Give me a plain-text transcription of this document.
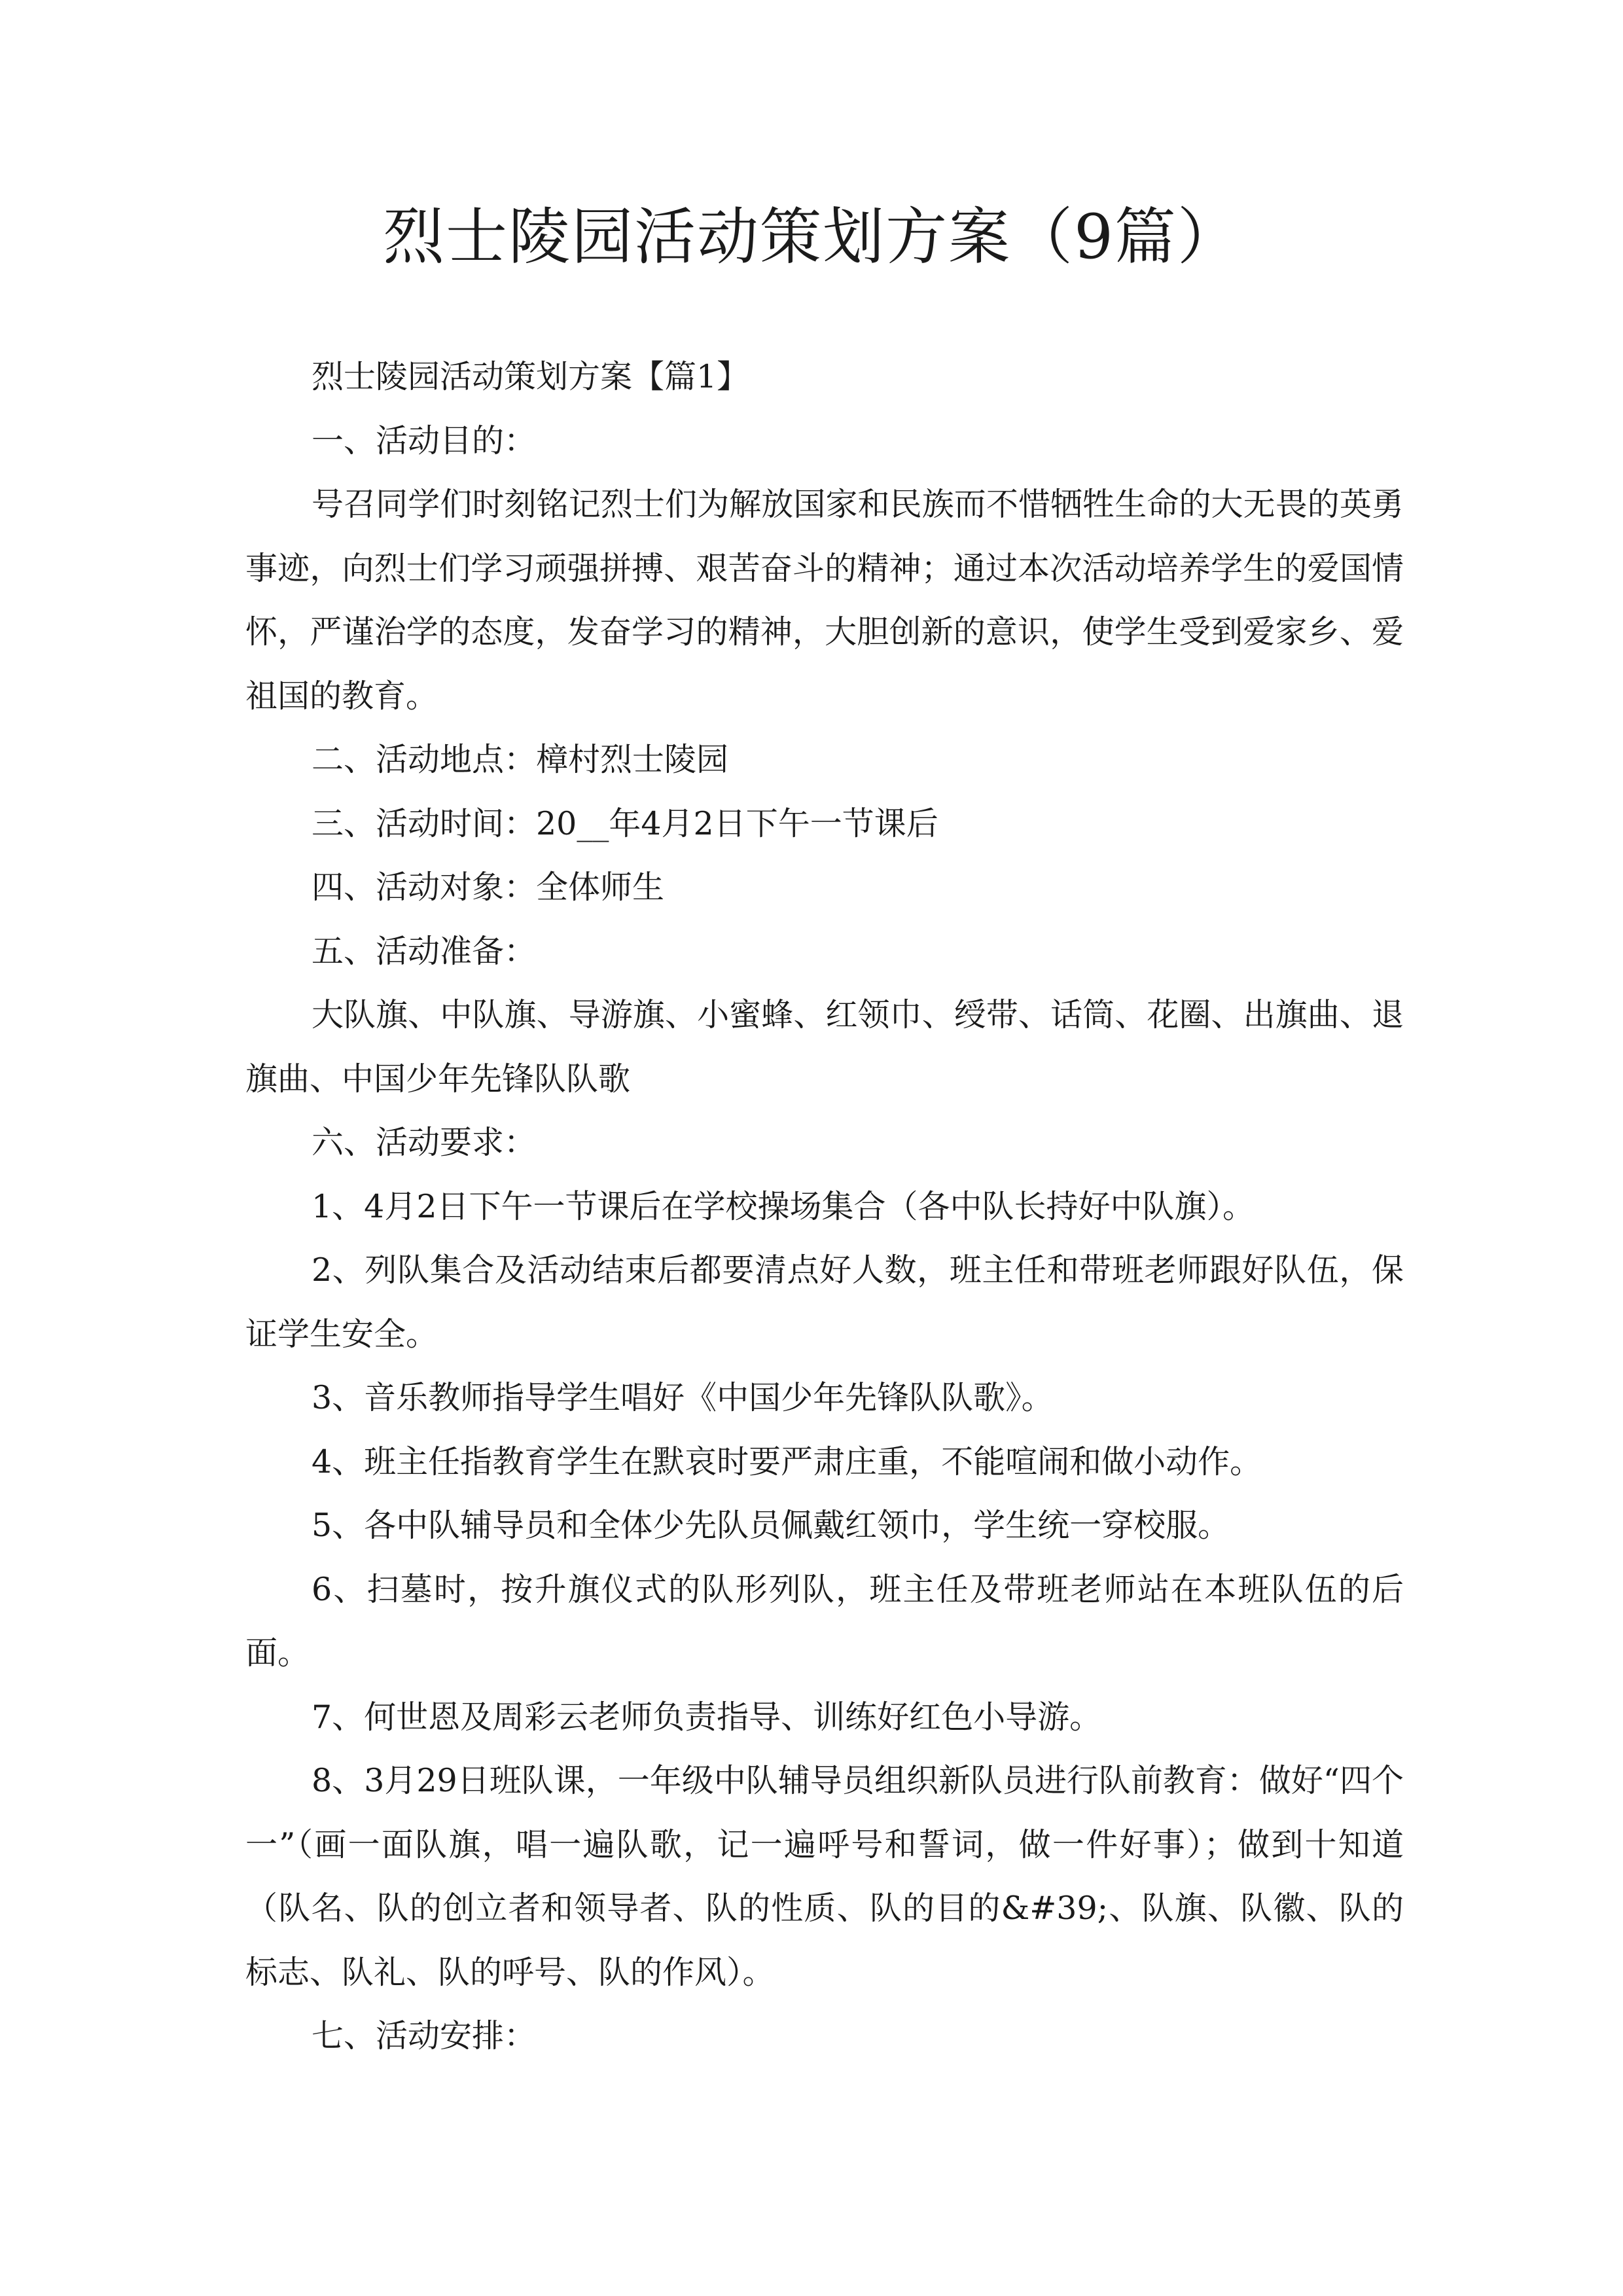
烈士陵园活动策划方案（9篇）

烈士陵园活动策划方案【篇1】

一、活动目的：

号召同学们时刻铭记烈士们为解放国家和民族而不惜牺牲生命的大无畏的英勇事迹，向烈士们学习顽强拼搏、艰苦奋斗的精神；通过本次活动培养学生的爱国情怀，严谨治学的态度，发奋学习的精神，大胆创新的意识，使学生受到爱家乡、爱祖国的教育。

二、活动地点：樟村烈士陵园

三、活动时间：20__年4月2日下午一节课后

四、活动对象：全体师生

五、活动准备：

大队旗、中队旗、导游旗、小蜜蜂、红领巾、绶带、话筒、花圈、出旗曲、退旗曲、中国少年先锋队队歌

六、活动要求：

1、4月2日下午一节课后在学校操场集合（各中队长持好中队旗）。

2、列队集合及活动结束后都要清点好人数，班主任和带班老师跟好队伍，保证学生安全。

3、音乐教师指导学生唱好《中国少年先锋队队歌》。

4、班主任指教育学生在默哀时要严肃庄重，不能喧闹和做小动作。

5、各中队辅导员和全体少先队员佩戴红领巾，学生统一穿校服。

6、扫墓时，按升旗仪式的队形列队，班主任及带班老师站在本班队伍的后面。

7、何世恩及周彩云老师负责指导、训练好红色小导游。

8、3月29日班队课，一年级中队辅导员组织新队员进行队前教育：做好“四个一”（画一面队旗，唱一遍队歌，记一遍呼号和誓词，做一件好事）；做到十知道（队名、队的创立者和领导者、队的性质、队的目的&#39;、队旗、队徽、队的标志、队礼、队的呼号、队的作风）。

七、活动安排：
